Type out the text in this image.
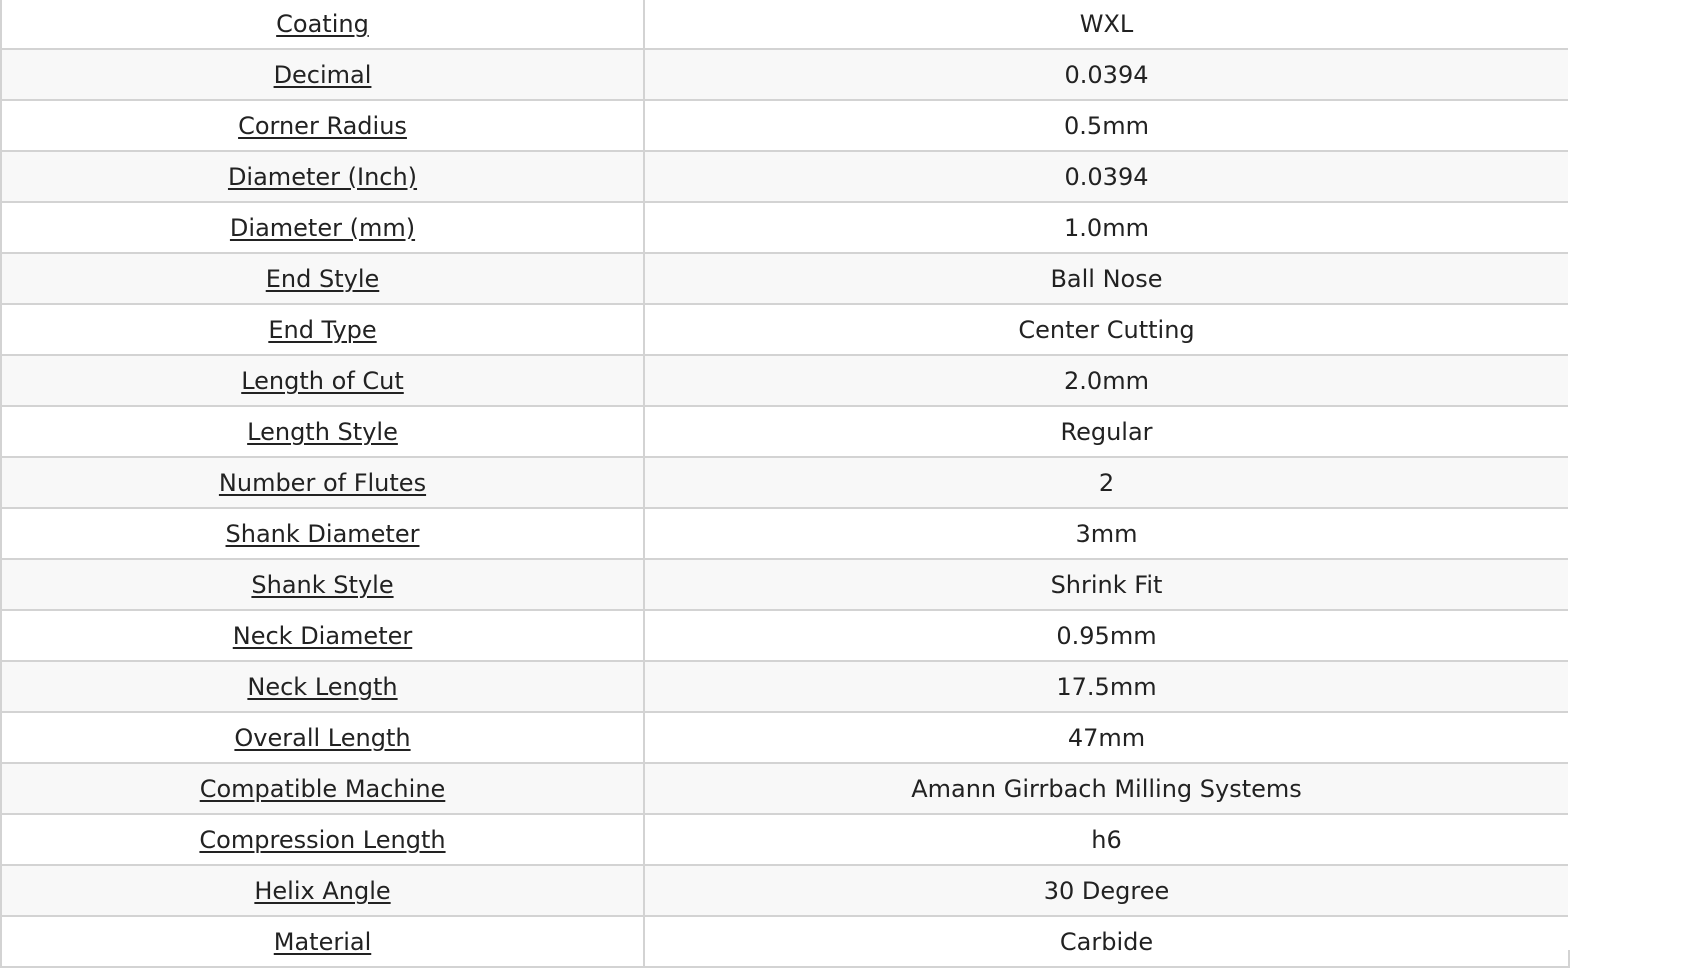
Coating	WXL
Decimal	0.0394
Corner Radius	0.5mm
Diameter (Inch)	0.0394
Diameter (mm)	1.0mm
End Style	Ball Nose
End Type	Center Cutting
Length of Cut	2.0mm
Length Style	Regular
Number of Flutes	2
Shank Diameter	3mm
Shank Style	Shrink Fit
Neck Diameter	0.95mm
Neck Length	17.5mm
Overall Length	47mm
Compatible Machine	Amann Girrbach Milling Systems
Compression Length	h6
Helix Angle	30 Degree
Material	Carbide
